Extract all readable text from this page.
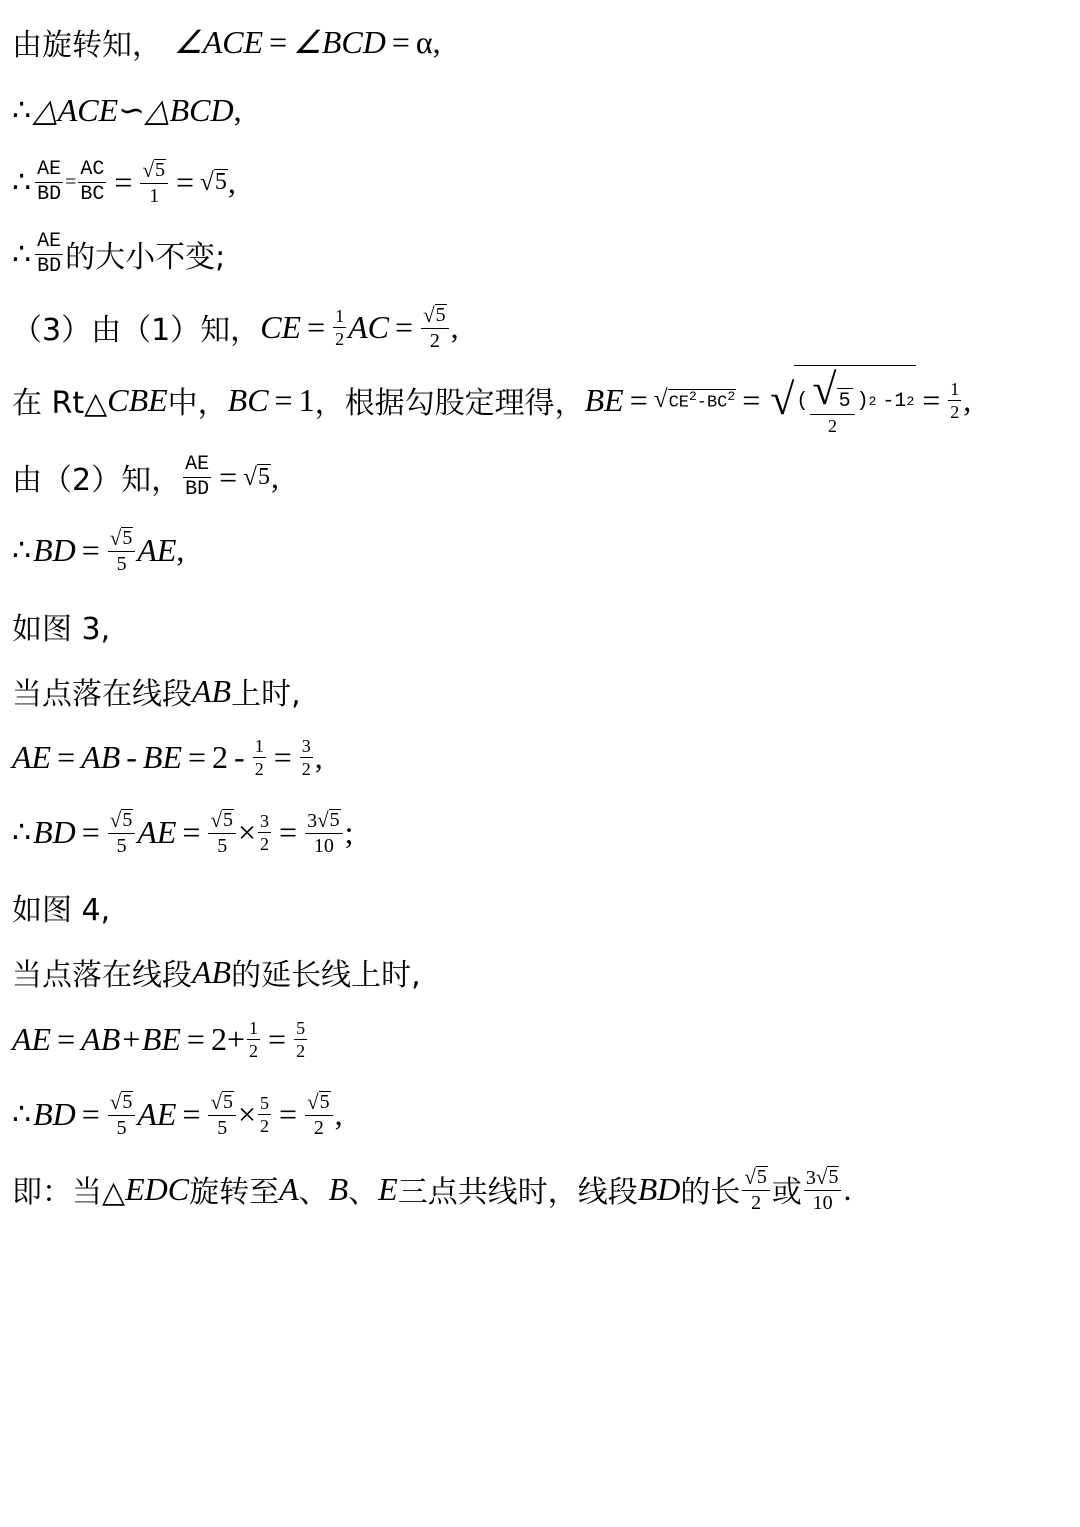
由旋转知， ∠ACE = ∠BCD = α,
∴ △ACE ∽ △BCD ,
∴ $\frac{AE}{BD} = \frac{AC}{BC} = \frac{√ 5}{1}$ = √ 5 ,
∴ $\frac{AE}{BD}$ 的大小不变;
（3）由（1）知， CE = $\frac{1}{2}$ AC = $\frac{√ 5}{2}$ ,
在 Rt△ CBE 中， BC = 1 ，根据勾股定理得， BE = √ $CE^2-BC^2$ = √ ( $\frac{√ 5}{2}$ ) 2 -1 $2 = \frac{1}{2}$ ,
由（2）知， $\frac{AE}{BD}$ = √ 5 ,
∴ BD = $\frac{√ 5}{5}$ AE ,
如图 3,
当点落在线段 AB 上时,
AE = AB - BE = $2 - \frac{1}{2} = \frac{3}{2}$ ,
∴ BD = $\frac{√ 5}{5}$ AE = $\frac{√ 5}{5} \times \frac{3}{2} = \frac{3 √ 5}{10}$ ;
如图 4,
当点落在线段 AB 的延长线上时,
AE = $AB+BE = 2+ \frac{1}{2} = \frac{5}{2}$
∴ BD = $\frac{√ 5}{5}$ AE = $\frac{√ 5}{5} \times \frac{5}{2} = \frac{√ 5}{2}$ ,
即：当△ EDC 旋转至 A 、 B 、 E 三点共线时，线段 BD 的长 $\frac{√ 5}{2}$ 或 $\frac{3 √ 5}{10}$ .
